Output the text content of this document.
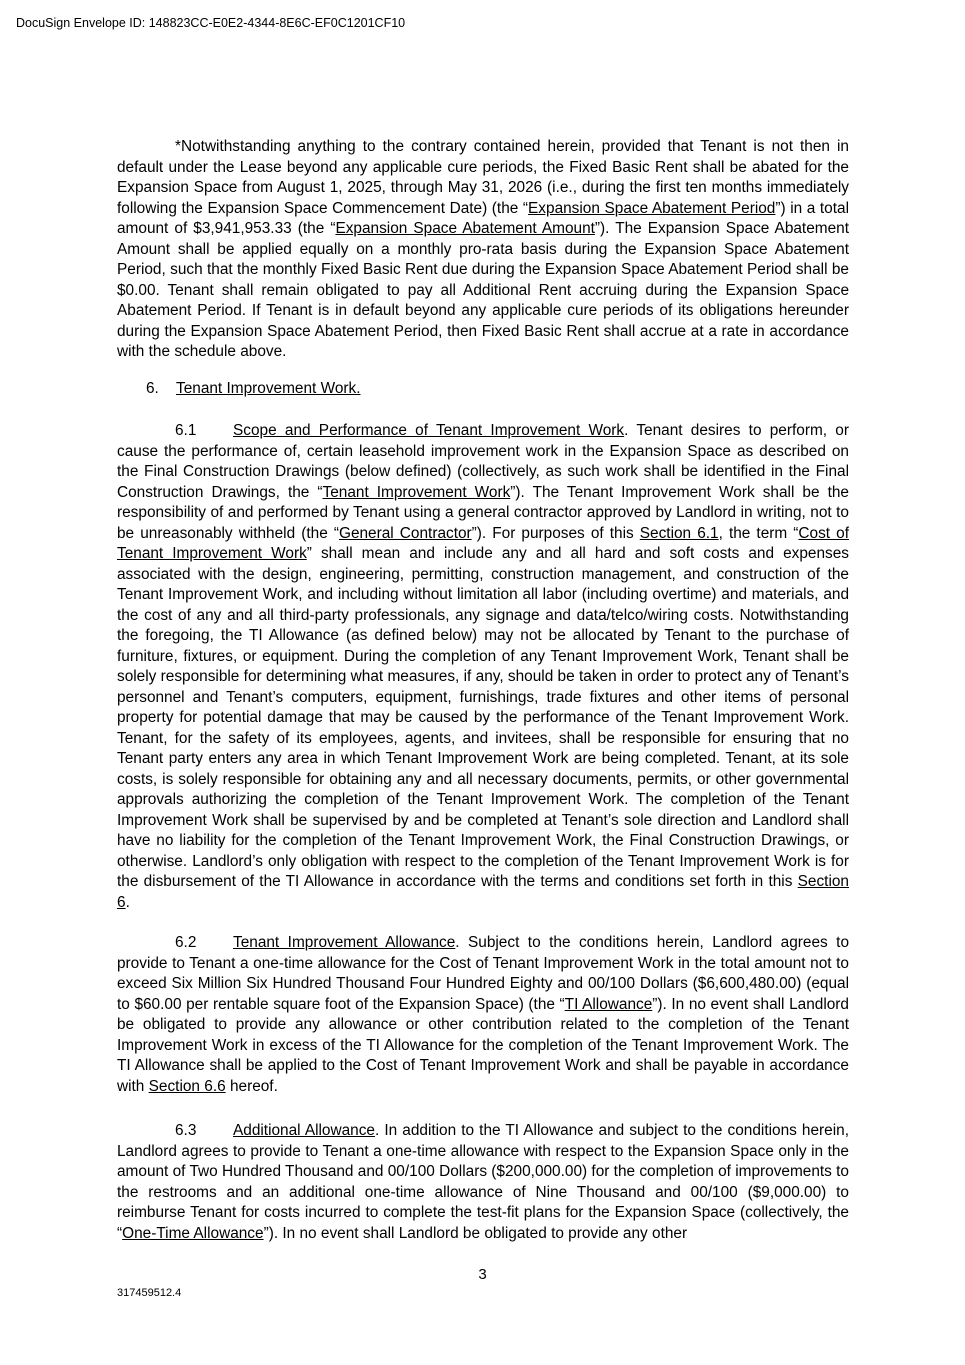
DocuSign Envelope ID: 148823CC-E0E2-4344-8E6C-EF0C1201CF10

*Notwithstanding anything to the contrary contained herein, provided that Tenant is not then in default under the Lease beyond any applicable cure periods, the Fixed Basic Rent shall be abated for the Expansion Space from August 1, 2025, through May 31, 2026 (i.e., during the first ten months immediately following the Expansion Space Commencement Date) (the “Expansion Space Abatement Period”) in a total amount of $3,941,953.33 (the “Expansion Space Abatement Amount”). The Expansion Space Abatement Amount shall be applied equally on a monthly pro-rata basis during the Expansion Space Abatement Period, such that the monthly Fixed Basic Rent due during the Expansion Space Abatement Period shall be $0.00. Tenant shall remain obligated to pay all Additional Rent accruing during the Expansion Space Abatement Period. If Tenant is in default beyond any applicable cure periods of its obligations hereunder during the Expansion Space Abatement Period, then Fixed Basic Rent shall accrue at a rate in accordance with the schedule above.

6. Tenant Improvement Work.

6.1 Scope and Performance of Tenant Improvement Work. Tenant desires to perform, or cause the performance of, certain leasehold improvement work in the Expansion Space as described on the Final Construction Drawings (below defined) (collectively, as such work shall be identified in the Final Construction Drawings, the “Tenant Improvement Work”). The Tenant Improvement Work shall be the responsibility of and performed by Tenant using a general contractor approved by Landlord in writing, not to be unreasonably withheld (the “General Contractor”). For purposes of this Section 6.1, the term “Cost of Tenant Improvement Work” shall mean and include any and all hard and soft costs and expenses associated with the design, engineering, permitting, construction management, and construction of the Tenant Improvement Work, and including without limitation all labor (including overtime) and materials, and the cost of any and all third-party professionals, any signage and data/telco/wiring costs. Notwithstanding the foregoing, the TI Allowance (as defined below) may not be allocated by Tenant to the purchase of furniture, fixtures, or equipment. During the completion of any Tenant Improvement Work, Tenant shall be solely responsible for determining what measures, if any, should be taken in order to protect any of Tenant’s personnel and Tenant’s computers, equipment, furnishings, trade fixtures and other items of personal property for potential damage that may be caused by the performance of the Tenant Improvement Work. Tenant, for the safety of its employees, agents, and invitees, shall be responsible for ensuring that no Tenant party enters any area in which Tenant Improvement Work are being completed. Tenant, at its sole costs, is solely responsible for obtaining any and all necessary documents, permits, or other governmental approvals authorizing the completion of the Tenant Improvement Work. The completion of the Tenant Improvement Work shall be supervised by and be completed at Tenant’s sole direction and Landlord shall have no liability for the completion of the Tenant Improvement Work, the Final Construction Drawings, or otherwise. Landlord’s only obligation with respect to the completion of the Tenant Improvement Work is for the disbursement of the TI Allowance in accordance with the terms and conditions set forth in this Section 6.

6.2 Tenant Improvement Allowance. Subject to the conditions herein, Landlord agrees to provide to Tenant a one-time allowance for the Cost of Tenant Improvement Work in the total amount not to exceed Six Million Six Hundred Thousand Four Hundred Eighty and 00/100 Dollars ($6,600,480.00) (equal to $60.00 per rentable square foot of the Expansion Space) (the “TI Allowance”). In no event shall Landlord be obligated to provide any allowance or other contribution related to the completion of the Tenant Improvement Work in excess of the TI Allowance for the completion of the Tenant Improvement Work. The TI Allowance shall be applied to the Cost of Tenant Improvement Work and shall be payable in accordance with Section 6.6 hereof.

6.3 Additional Allowance. In addition to the TI Allowance and subject to the conditions herein, Landlord agrees to provide to Tenant a one-time allowance with respect to the Expansion Space only in the amount of Two Hundred Thousand and 00/100 Dollars ($200,000.00) for the completion of improvements to the restrooms and an additional one-time allowance of Nine Thousand and 00/100 ($9,000.00) to reimburse Tenant for costs incurred to complete the test-fit plans for the Expansion Space (collectively, the “One-Time Allowance”). In no event shall Landlord be obligated to provide any other

3
317459512.4
